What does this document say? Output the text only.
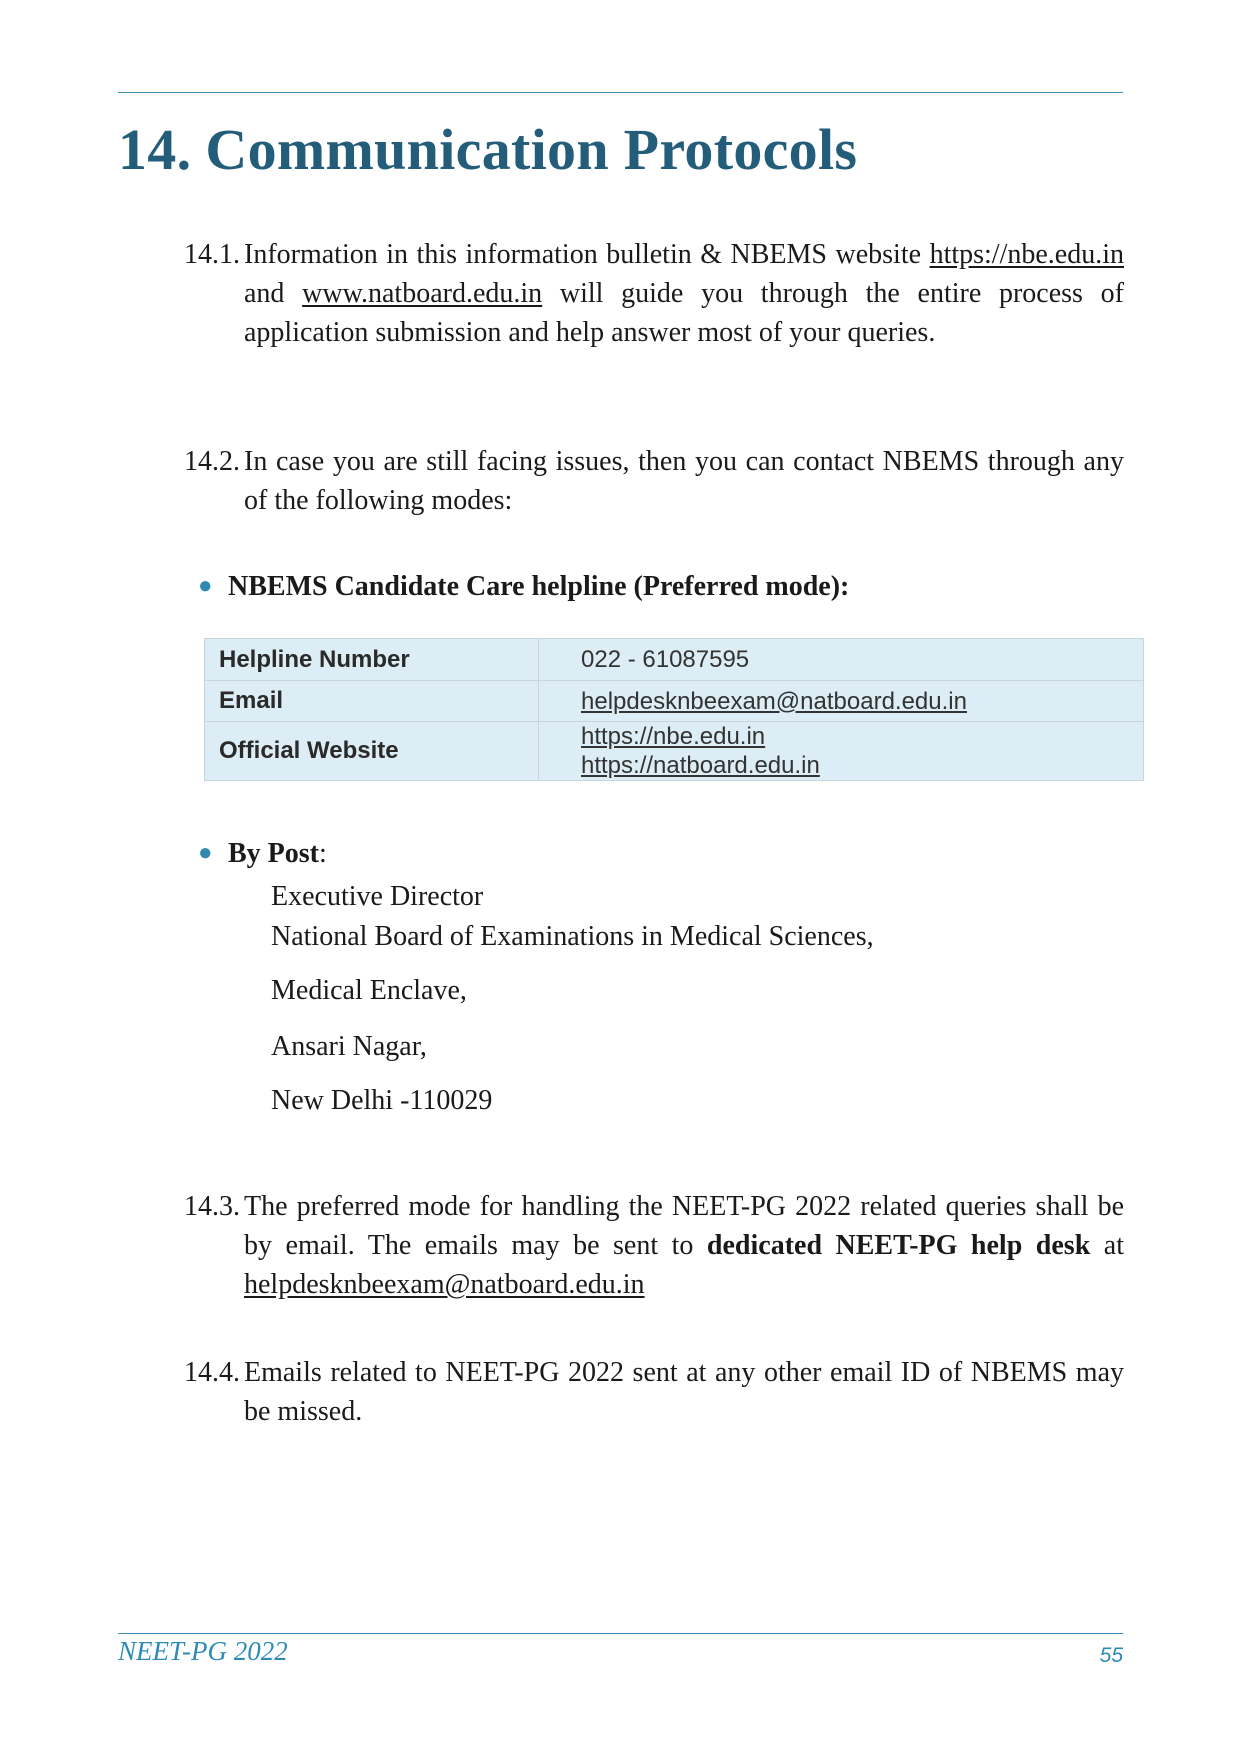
14. Communication Protocols
14.1. Information in this information bulletin & NBEMS website https://nbe.edu.in and www.natboard.edu.in will guide you through the entire process of application submission and help answer most of your queries.
14.2. In case you are still facing issues, then you can contact NBEMS through any of the following modes:
● NBEMS Candidate Care helpline (Preferred mode):
Helpline Number	022 - 61087595
Email	helpdesknbeexam@natboard.edu.in

Official Website	https://nbe.edu.in
https://natboard.edu.in
● By Post:
Executive Director
National Board of Examinations in Medical Sciences,
Medical Enclave,
Ansari Nagar,
New Delhi -110029
14.3. The preferred mode for handling the NEET-PG 2022 related queries shall be by email. The emails may be sent to dedicated NEET-PG help desk at helpdesknbeexam@natboard.edu.in
14.4. Emails related to NEET-PG 2022 sent at any other email ID of NBEMS may be missed.
NEET-PG 2022	55
